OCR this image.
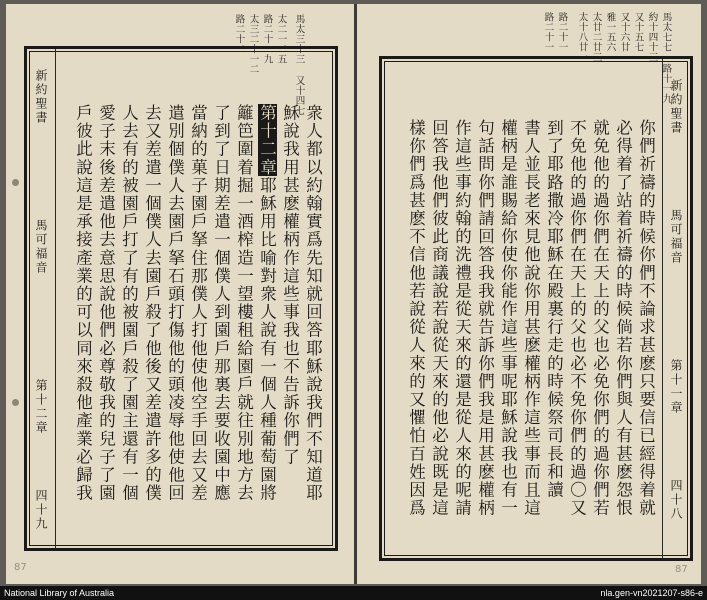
新約聖書
馬可福音
第十二章
四十九
衆人都以約翰實爲先知就回答耶穌說我們不知道耶
穌說我用甚麽權柄作這些事我也不告訴你們了
第十二章耶穌用比喻對衆人說有一個人種葡萄園將
籬笆圍着掘一酒榨造一望樓租給園戶就往別地方去
了到了日期差遣一個僕人到園戶那裏去要收園中應
當納的菓子園戶拏住那僕人打他使他空手回去又差
遣別個僕人去園戶拏石頭打傷他的頭凌辱他使他回
去又差遣一個僕人去園戶殺了他後又差遣許多的僕
人去有的被園戶打了有的被園戶殺了園主還有一個
愛子末後差遣他去意思說他們必尊敬我的兒子了園
戶彼此說這是承接產業的可以同來殺他產業必歸我
馬太三十三 又十四七
太二一二五
路二十一九
太三二十一二
路二十二
87
新約聖書
馬可福音
第十一章
四十八
你們祈禱的時候你們不論求甚麽只要信已經得着就
必得着了站着祈禱的時候倘若你們與人有甚麽怨恨
就免他的過你們在天上的父也必免你們的過你們若
不免他的過你們在天上的父也必不免你們的過〇又
到了耶路撒冷耶穌在殿裏行走的時候祭司長和讀
書人並長老來見他說你用甚麽權柄作這些事而且這
權柄是誰賜給你使你能作這些事呢耶穌說我也有一
句話問你們請回答我我就告訴你們我是用甚麽權柄
作這些事約翰的洗禮是從天來的還是從人來的呢請
回答我他們彼此商議說若說從天來的他必說既是這
樣你們爲甚麽不信他若說從人來的又懼怕百姓因爲
馬太七七 路十一九
約十四十三
又十五七
又十六廿
雅一五六
太廿二廿三
太十八廿一
路二十一
路二十一
87
National Library of Australia	nla.gen-vn2021207-s86-e
